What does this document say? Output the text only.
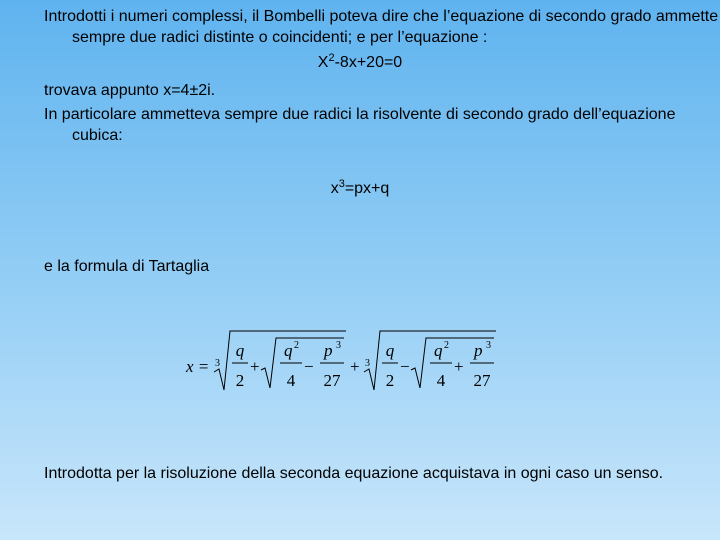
Introdotti i numeri complessi, il Bombelli poteva dire che l’equazione di secondo grado ammette sempre due radici distinte o coincidenti; e per l’equazione :
$X^2-8x+20=0$
trovava appunto x=4±2i.
In particolare ammetteva sempre due radici la risolvente di secondo grado dell’equazione cubica:
$x^3=px+q$
e la formula di Tartaglia
x = 3
q
2
+
q 2
4
−
p 3
27
+ 3
q
2
−
q 2
4
+
p 3
27
Introdotta per la risoluzione della seconda equazione acquistava in ogni caso un senso.
